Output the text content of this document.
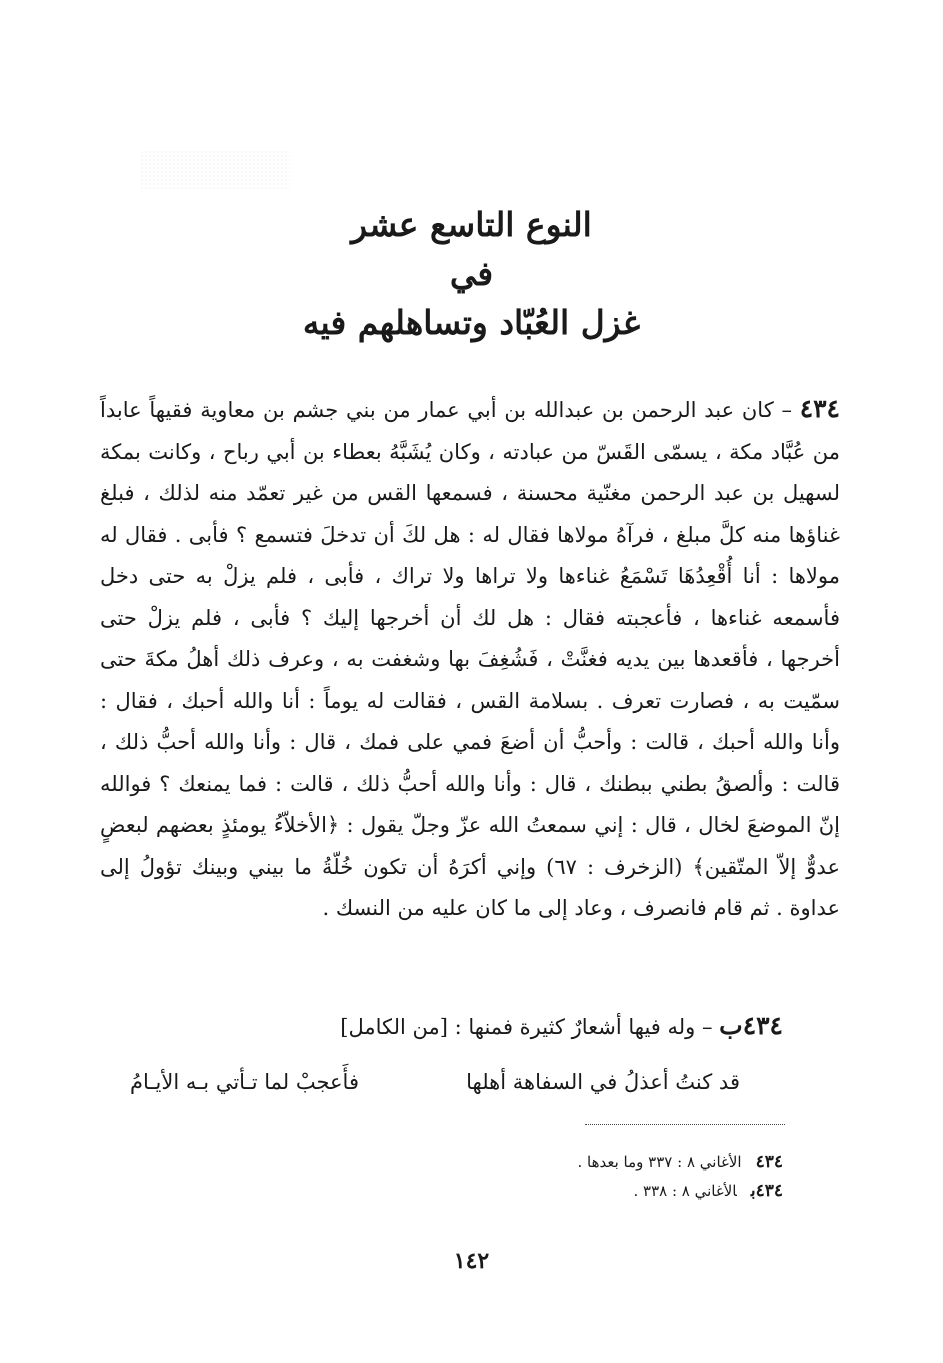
النوع التاسع عشر

في

غزل العُبّاد وتساهلهم فيه

٤٣٤ – كان عبد الرحمن بن عبدالله بن أبي عمار من بني جشم بن معاوية فقيهاً عابداً من عُبَّاد مكة ، يسمّى القَسّ من عبادته ، وكان يُشَبَّهُ بعطاء بن أبي رباح ، وكانت بمكة لسهيل بن عبد الرحمن مغنّية محسنة ، فسمعها القس من غير تعمّد منه لذلك ، فبلغ غناؤها منه كلَّ مبلغ ، فرآهُ مولاها فقال له : هل لكَ أن تدخلَ فتسمع ؟ فأبى . فقال له مولاها : أنا أُقْعِدُهَا تَسْمَعُ غناءها ولا تراها ولا تراك ، فأبى ، فلم يزلْ به حتى دخل فأسمعه غناءها ، فأعجبته فقال : هل لك أن أخرجها إليك ؟ فأبى ، فلم يزلْ حتى أخرجها ، فأقعدها بين يديه فغنَّتْ ، فَشُغِفَ بها وشغفت به ، وعرف ذلك أهلُ مكةَ حتى سمّيت به ، فصارت تعرف . بسلامة القس ، فقالت له يوماً : أنا والله أحبك ، فقال : وأنا والله أحبك ، قالت : وأحبُّ أن أضعَ فمي على فمك ، قال : وأنا والله أحبُّ ذلك ، قالت : وألصقُ بطني ببطنك ، قال : وأنا والله أحبُّ ذلك ، قالت : فما يمنعك ؟ فوالله إنّ الموضعَ لخال ، قال : إني سمعتُ الله عزّ وجلّ يقول : ﴿الأخلاّءُ يومئذٍ بعضهم لبعضٍ عدوٌّ إلاّ المتّقين﴾ (الزخرف : ٦٧) وإني أكرَهُ أن تكون خُلّةُ ما بيني وبينك تؤولُ إلى عداوة . ثم قام فانصرف ، وعاد إلى ما كان عليه من النسك .

٤٣٤ب – وله فيها أشعارٌ كثيرة فمنها : [من الكامل]
قد كنتُ أعذلُ في السفاهة أهلها
فأَعجبْ لما تـأتي بـه الأيـامُ
٤٣٤الأغاني ٨ : ٣٣٧ وما بعدها .
٤٣٤بالأغاني ٨ : ٣٣٨ .
١٤٢
